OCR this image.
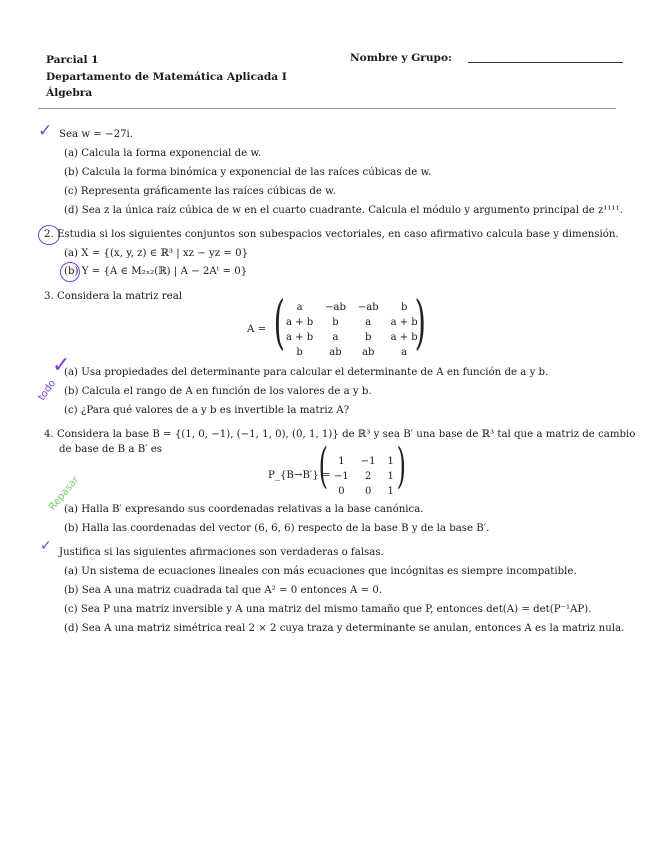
Parcial 1
Departamento de Matemática Aplicada I
Álgebra
Nombre y Grupo:
✓ Sea w = −27i.
(a) Calcula la forma exponencial de w.
(b) Calcula la forma binómica y exponencial de las raíces cúbicas de w.
(c) Representa gráficamente las raíces cúbicas de w.
(d) Sea z la única raíz cúbica de w en el cuarto cuadrante. Calcula el módulo y argumento principal de z¹¹¹¹.
2. Estudia si los siguientes conjuntos son subespacios vectoriales, en caso afirmativo calcula base y dimensión.
(a) X = {(x, y, z) ∈ ℝ³ | xz − yz = 0}
(b) Y = {A ∈ M₂ₓ₂(ℝ) | A − 2Aᵗ = 0}
3. Considera la matriz real
A = ( a	−ab	−ab	b
a + b	b	a	a + b
a + b	a	b	a + b
b	ab	ab	a )
✓
todo
(a) Usa propiedades del determinante para calcular el determinante de A en función de a y b.
(b) Calcula el rango de A en función de los valores de a y b.
(c) ¿Para qué valores de a y b es invertible la matriz A?
4. Considera la base B = {(1, 0, −1), (−1, 1, 0), (0, 1, 1)} de ℝ³ y sea B′ una base de ℝ³ tal que a matriz de cambio
de base de B a B′ es
P_{B→B′} =
( 1	−1	1
−1	2	1
0	0	1 )
Repasar
(a) Halla B′ expresando sus coordenadas relativas a la base canónica.
(b) Halla las coordenadas del vector (6, 6, 6) respecto de la base B y de la base B′.
✓ Justifica si las siguientes afirmaciones son verdaderas o falsas.
(a) Un sistema de ecuaciones lineales con más ecuaciones que incógnitas es siempre incompatible.
(b) Sea A una matriz cuadrada tal que A² = 0 entonces A = 0.
(c) Sea P una matriz inversible y A una matriz del mismo tamaño que P, entonces det(A) = det(P⁻¹AP).
(d) Sea A una matriz simétrica real 2 × 2 cuya traza y determinante se anulan, entonces A es la matriz nula.
